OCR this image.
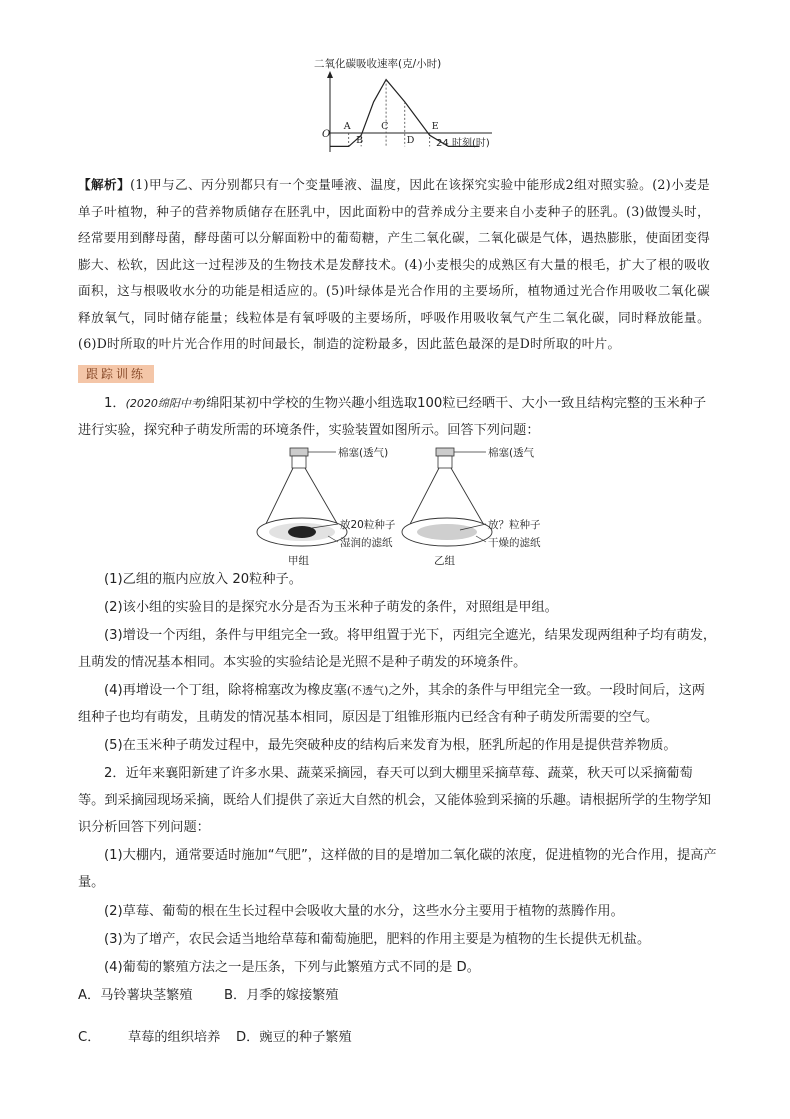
二氧化碳吸收速率(克/小时)
O
24 时刻(时)
A
B
C
D
E
【解析】(1)甲与乙、丙分别都只有一个变量唾液、温度，因此在该探究实验中能形成2组对照实验。(2)小麦是单子叶植物，种子的营养物质储存在胚乳中，因此面粉中的营养成分主要来自小麦种子的胚乳。(3)做馒头时，经常要用到酵母菌，酵母菌可以分解面粉中的葡萄糖，产生二氧化碳，二氧化碳是气体，遇热膨胀，使面团变得膨大、松软，因此这一过程涉及的生物技术是发酵技术。(4)小麦根尖的成熟区有大量的根毛，扩大了根的吸收面积，这与根吸收水分的功能是相适应的。(5)叶绿体是光合作用的主要场所，植物通过光合作用吸收二氧化碳释放氧气，同时储存能量；线粒体是有氧呼吸的主要场所，呼吸作用吸收氧气产生二氧化碳，同时释放能量。(6)D时所取的叶片光合作用的时间最长，制造的淀粉最多，因此蓝色最深的是D时所取的叶片。
跟踪训练
1．(2020绵阳中考)绵阳某初中学校的生物兴趣小组选取100粒已经晒干、大小一致且结构完整的玉米种子进行实验，探究种子萌发所需的环境条件，实验装置如图所示。回答下列问题：
棉塞(透气)
放20粒种子
湿润的滤纸
甲组
棉塞(透气
放？粒种子
干燥的滤纸
乙组
(1)乙组的瓶内应放入 20粒种子。
(2)该小组的实验目的是探究水分是否为玉米种子萌发的条件，对照组是甲组。
(3)增设一个丙组，条件与甲组完全一致。将甲组置于光下，丙组完全遮光，结果发现两组种子均有萌发，且萌发的情况基本相同。本实验的实验结论是光照不是种子萌发的环境条件。
(4)再增设一个丁组，除将棉塞改为橡皮塞(不透气)之外，其余的条件与甲组完全一致。一段时间后，这两组种子也均有萌发，且萌发的情况基本相同，原因是丁组锥形瓶内已经含有种子萌发所需要的空气。
(5)在玉米种子萌发过程中，最先突破种皮的结构后来发育为根，胚乳所起的作用是提供营养物质。
2．近年来襄阳新建了许多水果、蔬菜采摘园，春天可以到大棚里采摘草莓、蔬菜，秋天可以采摘葡萄等。到采摘园现场采摘，既给人们提供了亲近大自然的机会，又能体验到采摘的乐趣。请根据所学的生物学知识分析回答下列问题：
(1)大棚内，通常要适时施加“气肥”，这样做的目的是增加二氧化碳的浓度，促进植物的光合作用，提高产量。
(2)草莓、葡萄的根在生长过程中会吸收大量的水分，这些水分主要用于植物的蒸腾作用。
(3)为了增产，农民会适当地给草莓和葡萄施肥，肥料的作用主要是为植物的生长提供无机盐。
(4)葡萄的繁殖方法之一是压条，下列与此繁殖方式不同的是 D。
A．马铃薯块茎繁殖 B．月季的嫁接繁殖
C． 草莓的组织培养 D．豌豆的种子繁殖
